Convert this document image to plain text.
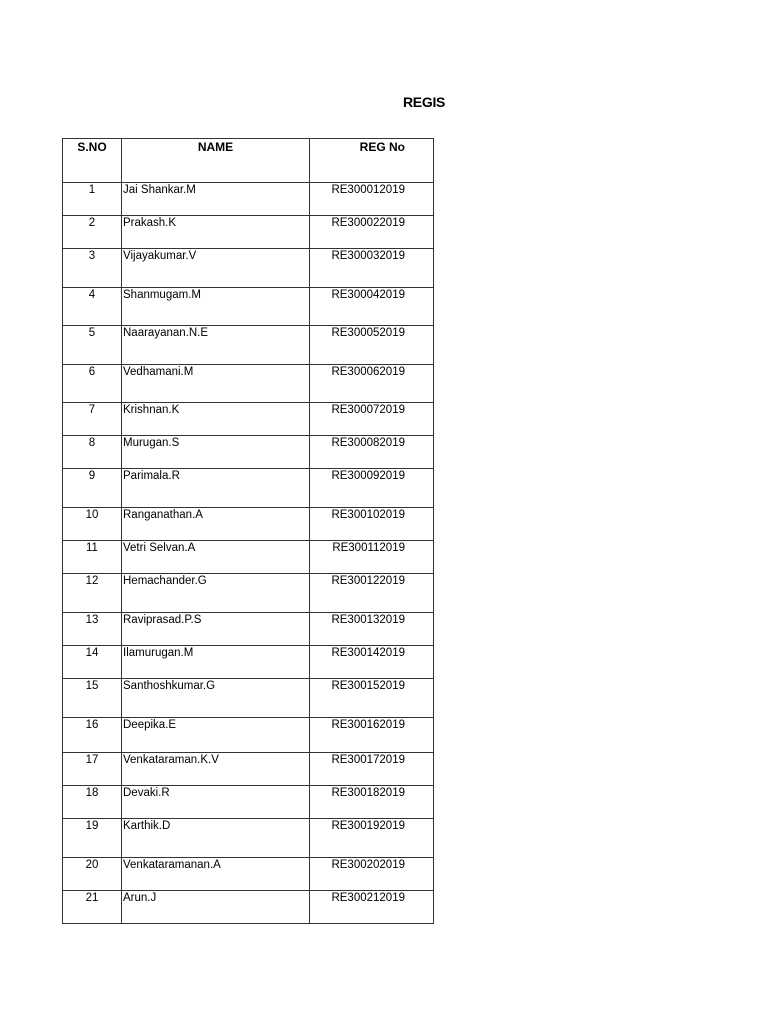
REGIS
S.NO	NAME	REG No
1	Jai Shankar.M	RE300012019
2	Prakash.K	RE300022019
3	Vijayakumar.V	RE300032019
4	Shanmugam.M	RE300042019
5	Naarayanan.N.E	RE300052019
6	Vedhamani.M	RE300062019
7	Krishnan.K	RE300072019
8	Murugan.S	RE300082019
9	Parimala.R	RE300092019
10	Ranganathan.A	RE300102019
11	Vetri Selvan.A	RE300112019
12	Hemachander.G	RE300122019
13	Raviprasad.P.S	RE300132019
14	Ilamurugan.M	RE300142019
15	Santhoshkumar.G	RE300152019
16	Deepika.E	RE300162019
17	Venkataraman.K.V	RE300172019
18	Devaki.R	RE300182019
19	Karthik.D	RE300192019
20	Venkataramanan.A	RE300202019
21	Arun.J	RE300212019
